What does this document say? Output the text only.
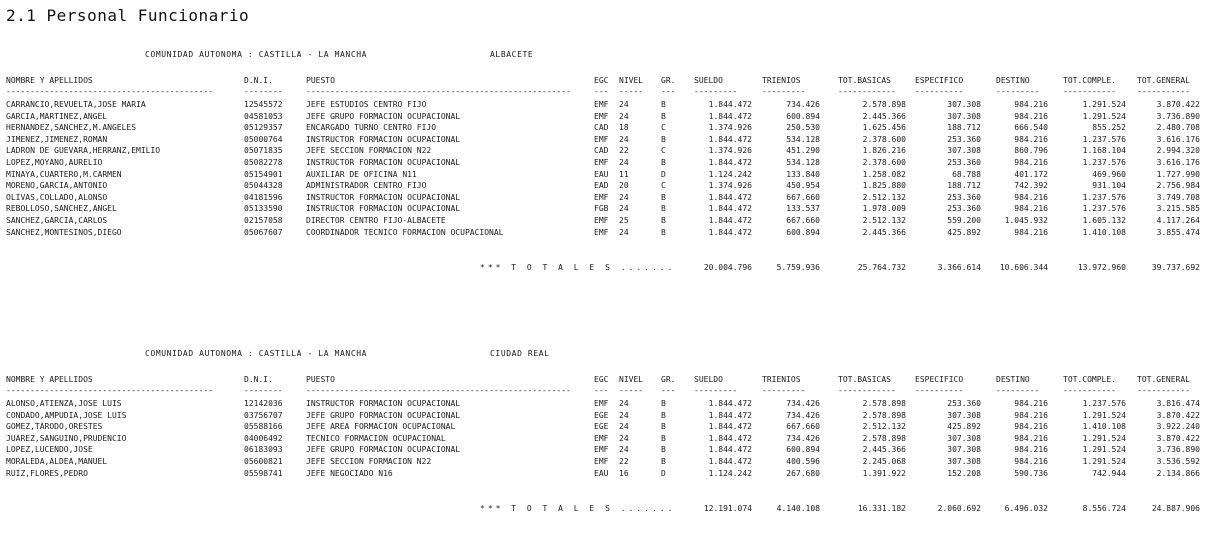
2.1 Personal Funcionario
COMUNIDAD AUTONOMA : CASTILLA - LA MANCHA	ALBACETE
NOMBRE Y APELLIDOS	D.N.I.	PUESTO	EGC NIVEL GR. SUELDO	TRIENIOS	TOT.BASICAS	ESPECIFICO	DESTINO	TOT.COMPLE.	TOT.GENERAL
-------------------------------------------	--------	-------------------------------------------------------	--- ----- --- ---------	---------	------------ ----------	---------	-----------	-----------
CARRANCIO,REVUELTA,JOSE MARIA	12545572	JEFE ESTUDIOS CENTRO FIJO	EMF 24	B	1.844.472	734.426	2.578.898	307.308	984.216	1.291.524	3.870.422
GARCIA,MARTINEZ,ANGEL	04581053	JEFE GRUPO FORMACION OCUPACIONAL	EMF 24	B	1.844.472	600.894	2.445.366	307.308	984.216	1.291.524	3.736.890
HERNANDEZ,SANCHEZ,M.ANGELES	05129357	ENCARGADO TURNO CENTRO FIJO	CAD 18	C	1.374.926	250.530	1.625.456	188.712	666.540	855.252	2.480.708
JIMENEZ,JIMENEZ,ROMAN	05000764	INSTRUCTOR FORMACION OCUPACIONAL	EMF 24	B	1.844.472	534.128	2.378.600	253.360	984.216	1.237.576	3.616.176
LADRON DE GUEVARA,HERRANZ,EMILIO	05071835	JEFE SECCION FORMACION N22	CAD 22	C	1.374.926	451.290	1.826.216	307.308	860.796	1.168.104	2.994.320
LOPEZ,MOYANO,AURELIO	05082278	INSTRUCTOR FORMACION OCUPACIONAL	EMF 24	B	1.844.472	534.128	2.378.600	253.360	984.216	1.237.576	3.616.176
MINAYA,CUARTERO,M.CARMEN	05154901	AUXILIAR DE OFICINA N11	EAU 11	D	1.124.242	133.840	1.258.082	68.788	401.172	469.960	1.727.990
MORENO,GARCIA,ANTONIO	05044328	ADMINISTRADOR CENTRO FIJO	EAD 20	C	1.374.926	450.954	1.825.880	188.712	742.392	931.104	2.756.984
OLIVAS,COLLADO,ALONSO	04181596	INSTRUCTOR FORMACION OCUPACIONAL	EMF 24	B	1.844.472	667.660	2.512.132	253.360	984.216	1.237.576	3.749.708
REBOLLOSO,SANCHEZ,ANGEL	05133590	INSTRUCTOR FORMACION OCUPACIONAL	FGB 24	B	1.844.472	133.537	1.978.009	253.360	984.216	1.237.576	3.215.585
SANCHEZ,GARCIA,CARLOS	02157058	DIRECTOR CENTRO FIJO-ALBACETE	EMF 25	B	1.844.472	667.660	2.512.132	559.200	1.045.932	1.605.132	4.117.264
SANCHEZ,MONTESINOS,DIEGO	05067607	COORDINADOR TECNICO FORMACION OCUPACIONAL	EMF 24	B	1.844.472	600.894	2.445.366	425.892	984.216	1.410.108	3.855.474
*** T O T A L E S .......	20.004.796	5.759.936	25.764.732	3.366.614 10.606.344	13.972.960	39.737.692
COMUNIDAD AUTONOMA : CASTILLA - LA MANCHA	CIUDAD REAL
NOMBRE Y APELLIDOS	D.N.I.	PUESTO	EGC NIVEL GR. SUELDO	TRIENIOS	TOT.BASICAS	ESPECIFICO	DESTINO	TOT.COMPLE.	TOT.GENERAL
-------------------------------------------	--------	-------------------------------------------------------	--- ----- --- ---------	---------	------------ ----------	---------	-----------	-----------
ALONSO,ATIENZA,JOSE LUIS	12142036	INSTRUCTOR FORMACION OCUPACIONAL	EMF 24	B	1.844.472	734.426	2.578.898	253.360	984.216	1.237.576	3.816.474
CONDADO,AMPUDIA,JOSE LUIS	03756707	JEFE GRUPO FORMACION OCUPACIONAL	EGE 24	B	1.844.472	734.426	2.578.898	307.308	984.216	1.291.524	3.870.422
GOMEZ,TARODO,ORESTES	05588166	JEFE AREA FORMACION OCUPACIONAL	EGE 24	B	1.844.472	667.660	2.512.132	425.892	984.216	1.410.108	3.922.240
JUAREZ,SANGUINO,PRUDENCIO	04006492	TECNICO FORMACION OCUPACIONAL	EMF 24	B	1.844.472	734.426	2.578.898	307.308	984.216	1.291.524	3.870.422
LOPEZ,LUCENDO,JOSE	06183093	JEFE GRUPO FORMACION OCUPACIONAL	EMF 24	B	1.844.472	600.894	2.445.366	307.308	984.216	1.291.524	3.736.890
MORALEDA,ALDEA,MANUEL	05600821	JEFE SECCION FORMACION N22	EMF 22	B	1.844.472	400.596	2.245.068	307.308	984.216	1.291.524	3.536.592
RUIZ,FLORES,PEDRO	05598741	JEFE NEGOCIADO N16	EAU 16	D	1.124.242	267.680	1.391.922	152.208	590.736	742.944	2.134.866
*** T O T A L E S .......	12.191.074	4.140.108	16.331.182	2.060.692	6.496.032	8.556.724	24.887.906
